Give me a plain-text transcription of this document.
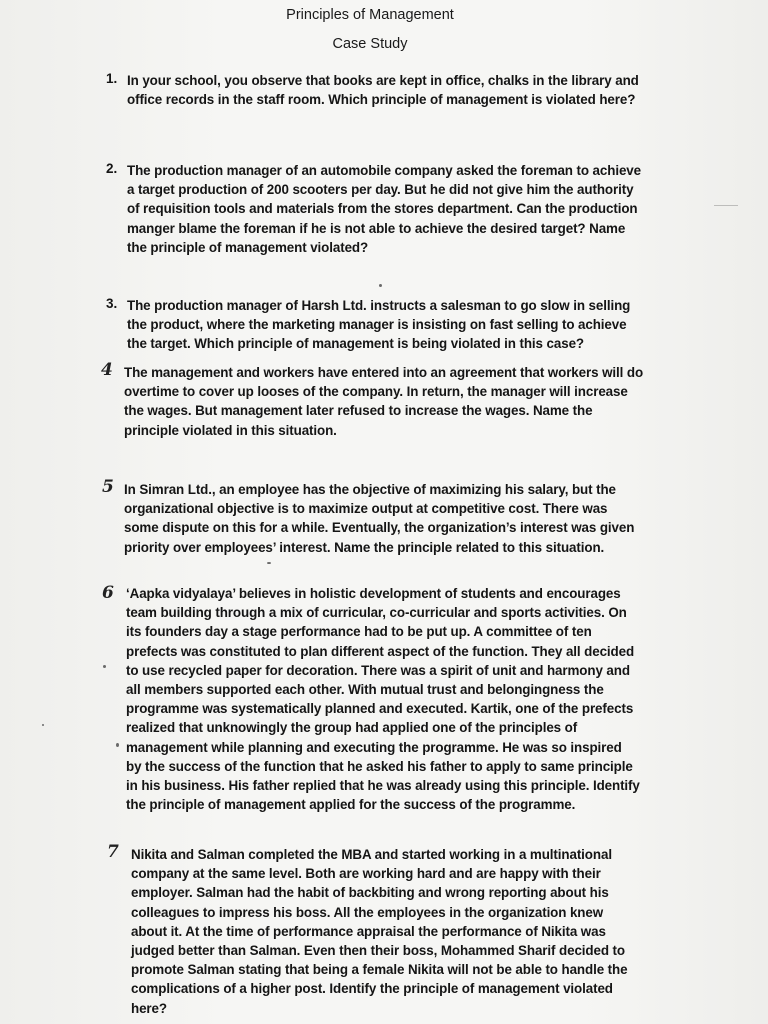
Principles of Management
Case Study
1. In your school, you observe that books are kept in office, chalks in the library and office records in the staff room. Which principle of management is violated here?

2. The production manager of an automobile company asked the foreman to achieve a target production of 200 scooters per day. But he did not give him the authority of requisition tools and materials from the stores department. Can the production manger blame the foreman if he is not able to achieve the desired target? Name the principle of management violated?

3. The production manager of Harsh Ltd. instructs a salesman to go slow in selling the product, where the marketing manager is insisting on fast selling to achieve the target. Which principle of management is being violated in this case?

4 The management and workers have entered into an agreement that workers will do overtime to cover up looses of the company. In return, the manager will increase the wages. But management later refused to increase the wages. Name the principle violated in this situation.

5 In Simran Ltd., an employee has the objective of maximizing his salary, but the organizational objective is to maximize output at competitive cost. There was some dispute on this for a while. Eventually, the organization’s interest was given priority over employees’ interest. Name the principle related to this situation.

6 ‘Aapka vidyalaya’ believes in holistic development of students and encourages team building through a mix of curricular, co-curricular and sports activities. On its founders day a stage performance had to be put up. A committee of ten prefects was constituted to plan different aspect of the function. They all decided to use recycled paper for decoration. There was a spirit of unit and harmony and all members supported each other. With mutual trust and belongingness the programme was systematically planned and executed. Kartik, one of the prefects realized that unknowingly the group had applied one of the principles of management while planning and executing the programme. He was so inspired by the success of the function that he asked his father to apply to same principle in his business. His father replied that he was already using this principle. Identify the principle of management applied for the success of the programme.

7 Nikita and Salman completed the MBA and started working in a multinational company at the same level. Both are working hard and are happy with their employer. Salman had the habit of backbiting and wrong reporting about his colleagues to impress his boss. All the employees in the organization knew about it. At the time of performance appraisal the performance of Nikita was judged better than Salman. Even then their boss, Mohammed Sharif decided to promote Salman stating that being a female Nikita will not be able to handle the complications of a higher post. Identify the principle of management violated here?
